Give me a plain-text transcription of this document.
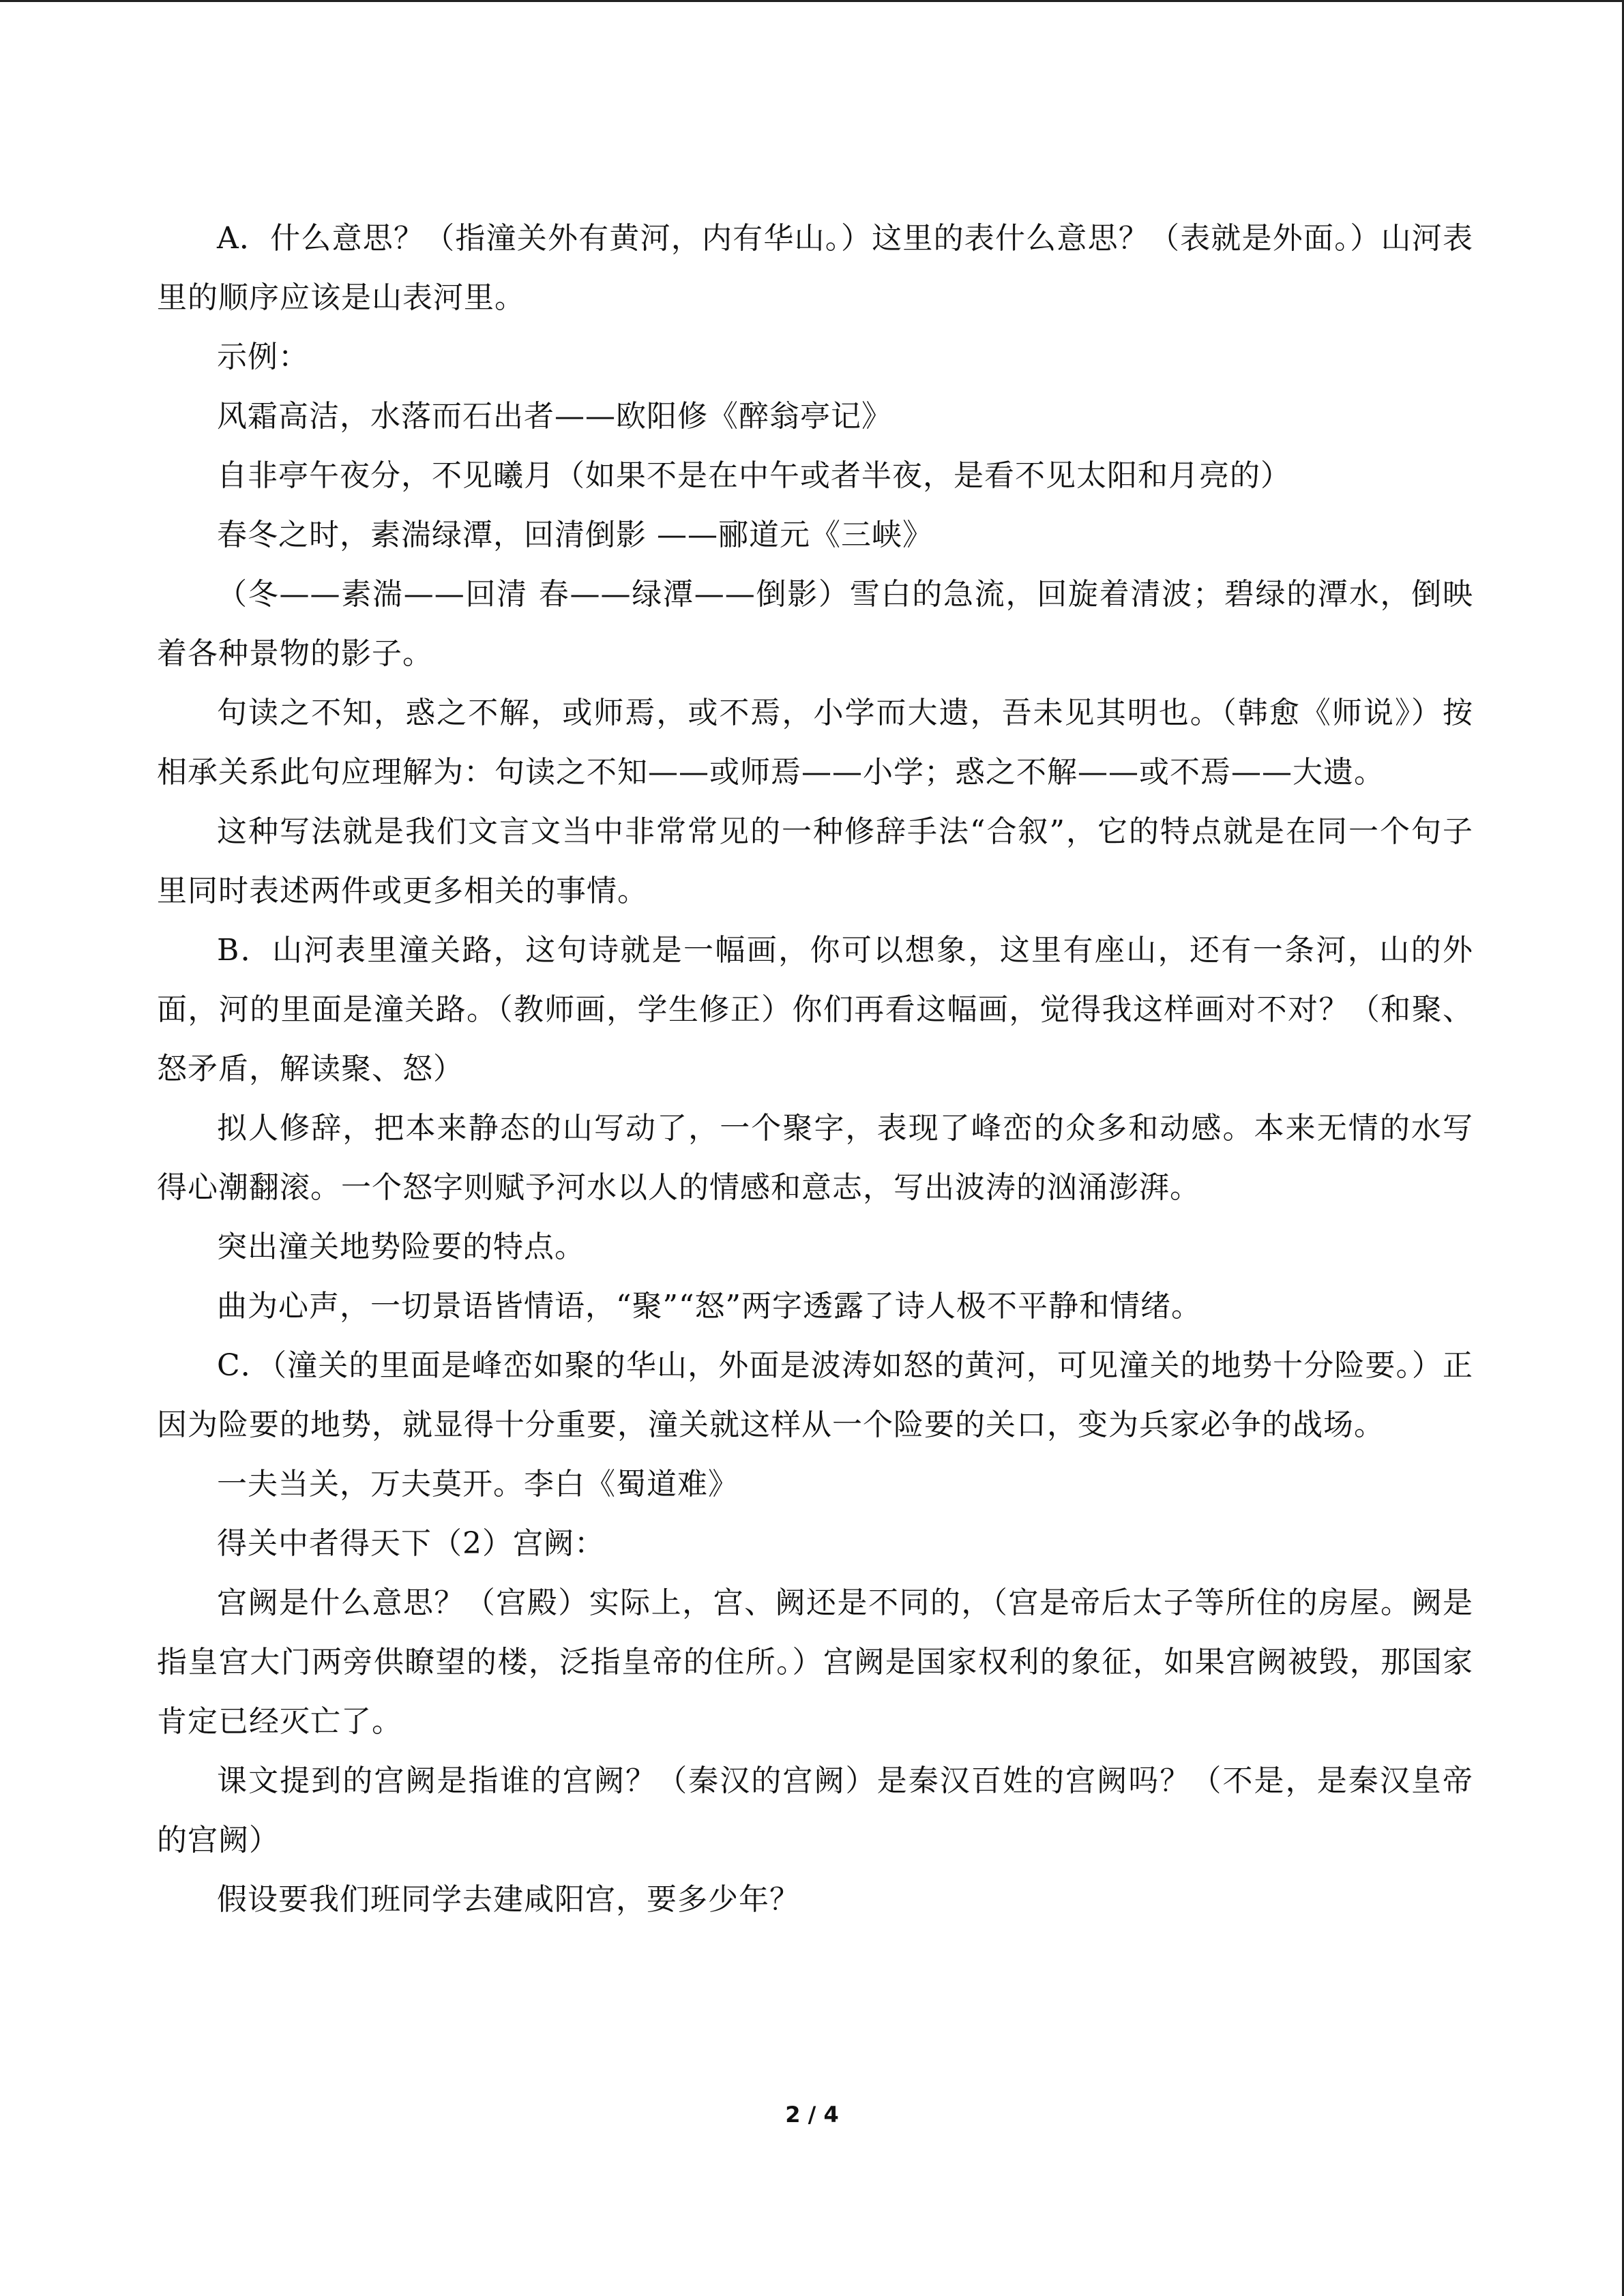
A．什么意思？（指潼关外有黄河，内有华山。）这里的表什么意思？（表就是外面。）山河表里的顺序应该是山表河里。

示例：

风霜高洁，水落而石出者——欧阳修《醉翁亭记》

自非亭午夜分，不见曦月（如果不是在中午或者半夜，是看不见太阳和月亮的）

春冬之时，素湍绿潭，回清倒影 ——郦道元《三峡》

（冬——素湍——回清 春——绿潭——倒影）雪白的急流，回旋着清波；碧绿的潭水，倒映着各种景物的影子。

句读之不知，惑之不解，或师焉，或不焉，小学而大遗，吾未见其明也。（韩愈《师说》）按相承关系此句应理解为：句读之不知——或师焉——小学；惑之不解——或不焉——大遗。

这种写法就是我们文言文当中非常常见的一种修辞手法“合叙”，它的特点就是在同一个句子里同时表述两件或更多相关的事情。

B．山河表里潼关路，这句诗就是一幅画，你可以想象，这里有座山，还有一条河，山的外面，河的里面是潼关路。（教师画，学生修正）你们再看这幅画，觉得我这样画对不对？（和聚、怒矛盾，解读聚、怒）

拟人修辞，把本来静态的山写动了，一个聚字，表现了峰峦的众多和动感。本来无情的水写得心潮翻滚。一个怒字则赋予河水以人的情感和意志，写出波涛的汹涌澎湃。

突出潼关地势险要的特点。

曲为心声，一切景语皆情语，“聚”“怒”两字透露了诗人极不平静和情绪。

C．（潼关的里面是峰峦如聚的华山，外面是波涛如怒的黄河，可见潼关的地势十分险要。）正因为险要的地势，就显得十分重要，潼关就这样从一个险要的关口，变为兵家必争的战场。

一夫当关，万夫莫开。李白《蜀道难》

得关中者得天下（2）宫阙：

宫阙是什么意思？（宫殿）实际上，宫、阙还是不同的，（宫是帝后太子等所住的房屋。阙是指皇宫大门两旁供瞭望的楼，泛指皇帝的住所。）宫阙是国家权利的象征，如果宫阙被毁，那国家肯定已经灭亡了。

课文提到的宫阙是指谁的宫阙？（秦汉的宫阙）是秦汉百姓的宫阙吗？（不是，是秦汉皇帝的宫阙）

假设要我们班同学去建咸阳宫，要多少年？

2 / 4
